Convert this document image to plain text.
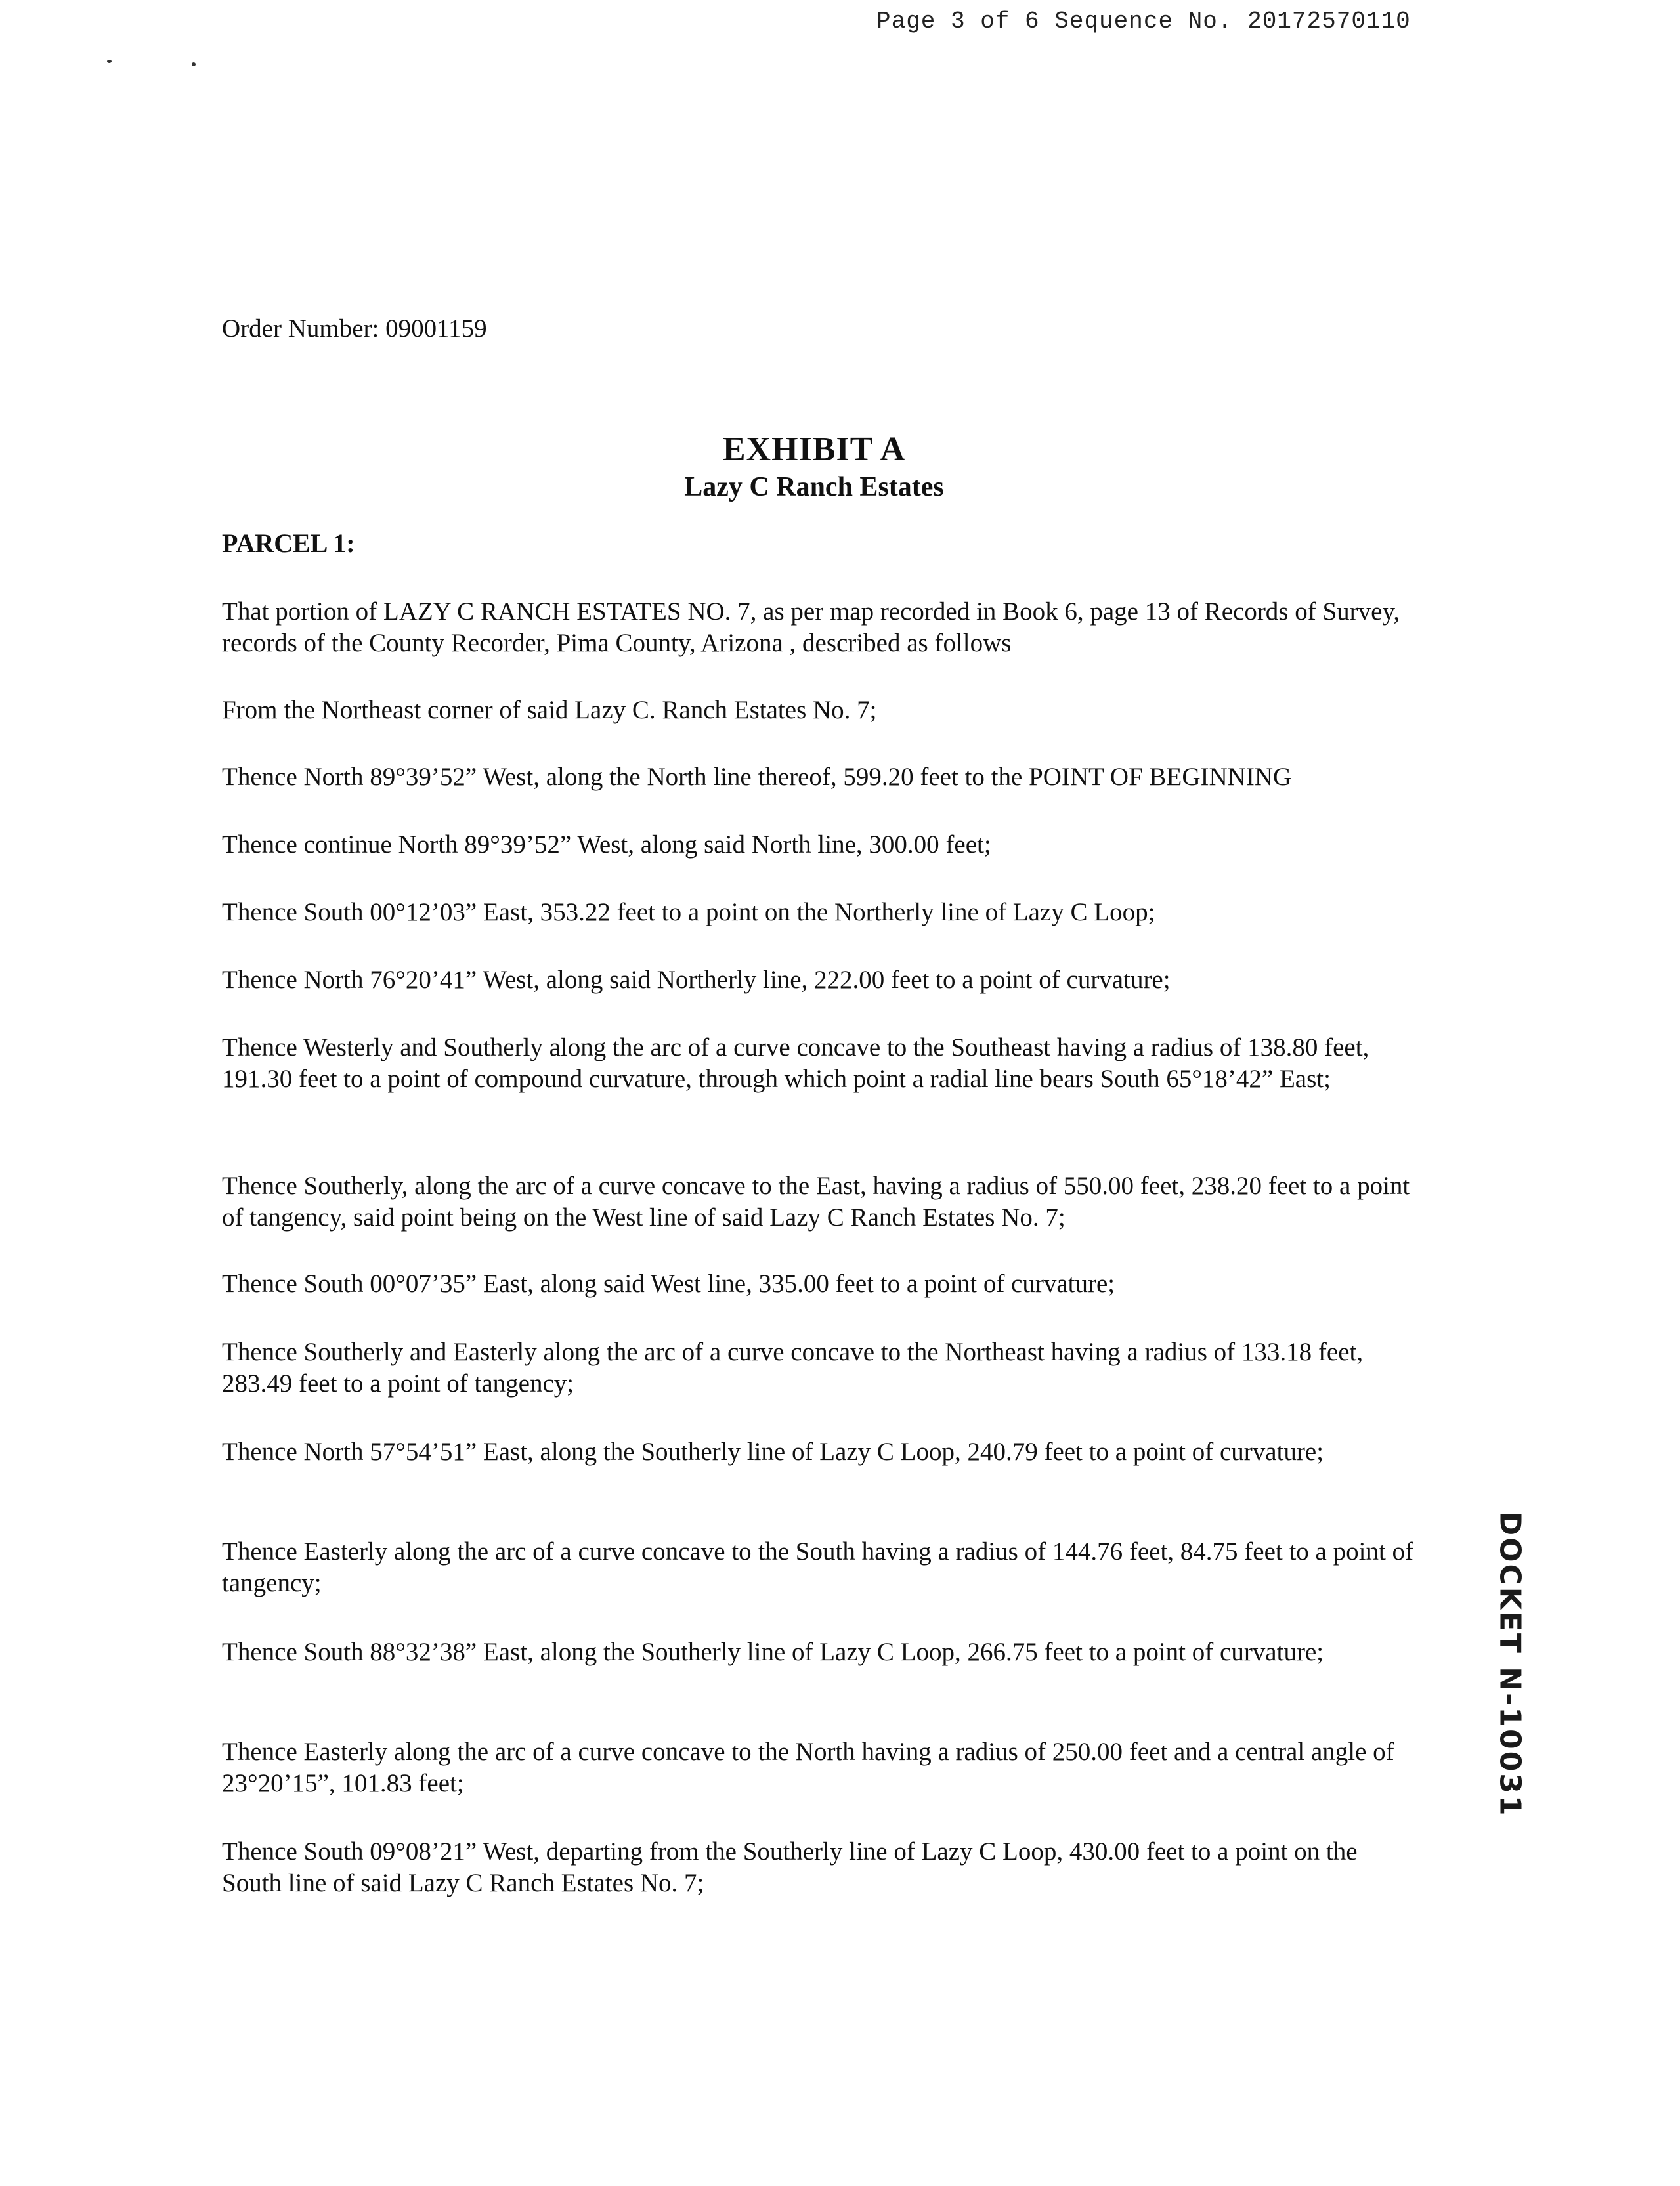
Page 3 of 6 Sequence No. 20172570110
Order Number: 09001159
EXHIBIT A
Lazy C Ranch Estates
PARCEL 1:

That portion of LAZY C RANCH ESTATES NO. 7, as per map recorded in Book 6, page 13 of Records of Survey, records of the County Recorder, Pima County, Arizona , described as follows

From the Northeast corner of said Lazy C. Ranch Estates No. 7;

Thence North 89°39’52” West, along the North line thereof, 599.20 feet to the POINT OF BEGINNING

Thence continue North 89°39’52” West, along said North line, 300.00 feet;

Thence South 00°12’03” East, 353.22 feet to a point on the Northerly line of Lazy C Loop;

Thence North 76°20’41” West, along said Northerly line, 222.00 feet to a point of curvature;

Thence Westerly and Southerly along the arc of a curve concave to the Southeast having a radius of 138.80 feet, 191.30 feet to a point of compound curvature, through which point a radial line bears South 65°18’42” East;

Thence Southerly, along the arc of a curve concave to the East, having a radius of 550.00 feet, 238.20 feet to a point of tangency, said point being on the West line of said Lazy C Ranch Estates No. 7;

Thence South 00°07’35” East, along said West line, 335.00 feet to a point of curvature;

Thence Southerly and Easterly along the arc of a curve concave to the Northeast having a radius of 133.18 feet, 283.49 feet to a point of tangency;

Thence North 57°54’51” East, along the Southerly line of Lazy C Loop, 240.79 feet to a point of curvature;

Thence Easterly along the arc of a curve concave to the South having a radius of 144.76 feet, 84.75 feet to a point of tangency;

Thence South 88°32’38” East, along the Southerly line of Lazy C Loop, 266.75 feet to a point of curvature;

Thence Easterly along the arc of a curve concave to the North having a radius of 250.00 feet and a central angle of 23°20’15”, 101.83 feet;

Thence South 09°08’21” West, departing from the Southerly line of Lazy C Loop, 430.00 feet to a point on the South line of said Lazy C Ranch Estates No. 7;

DOCKET N-10031
